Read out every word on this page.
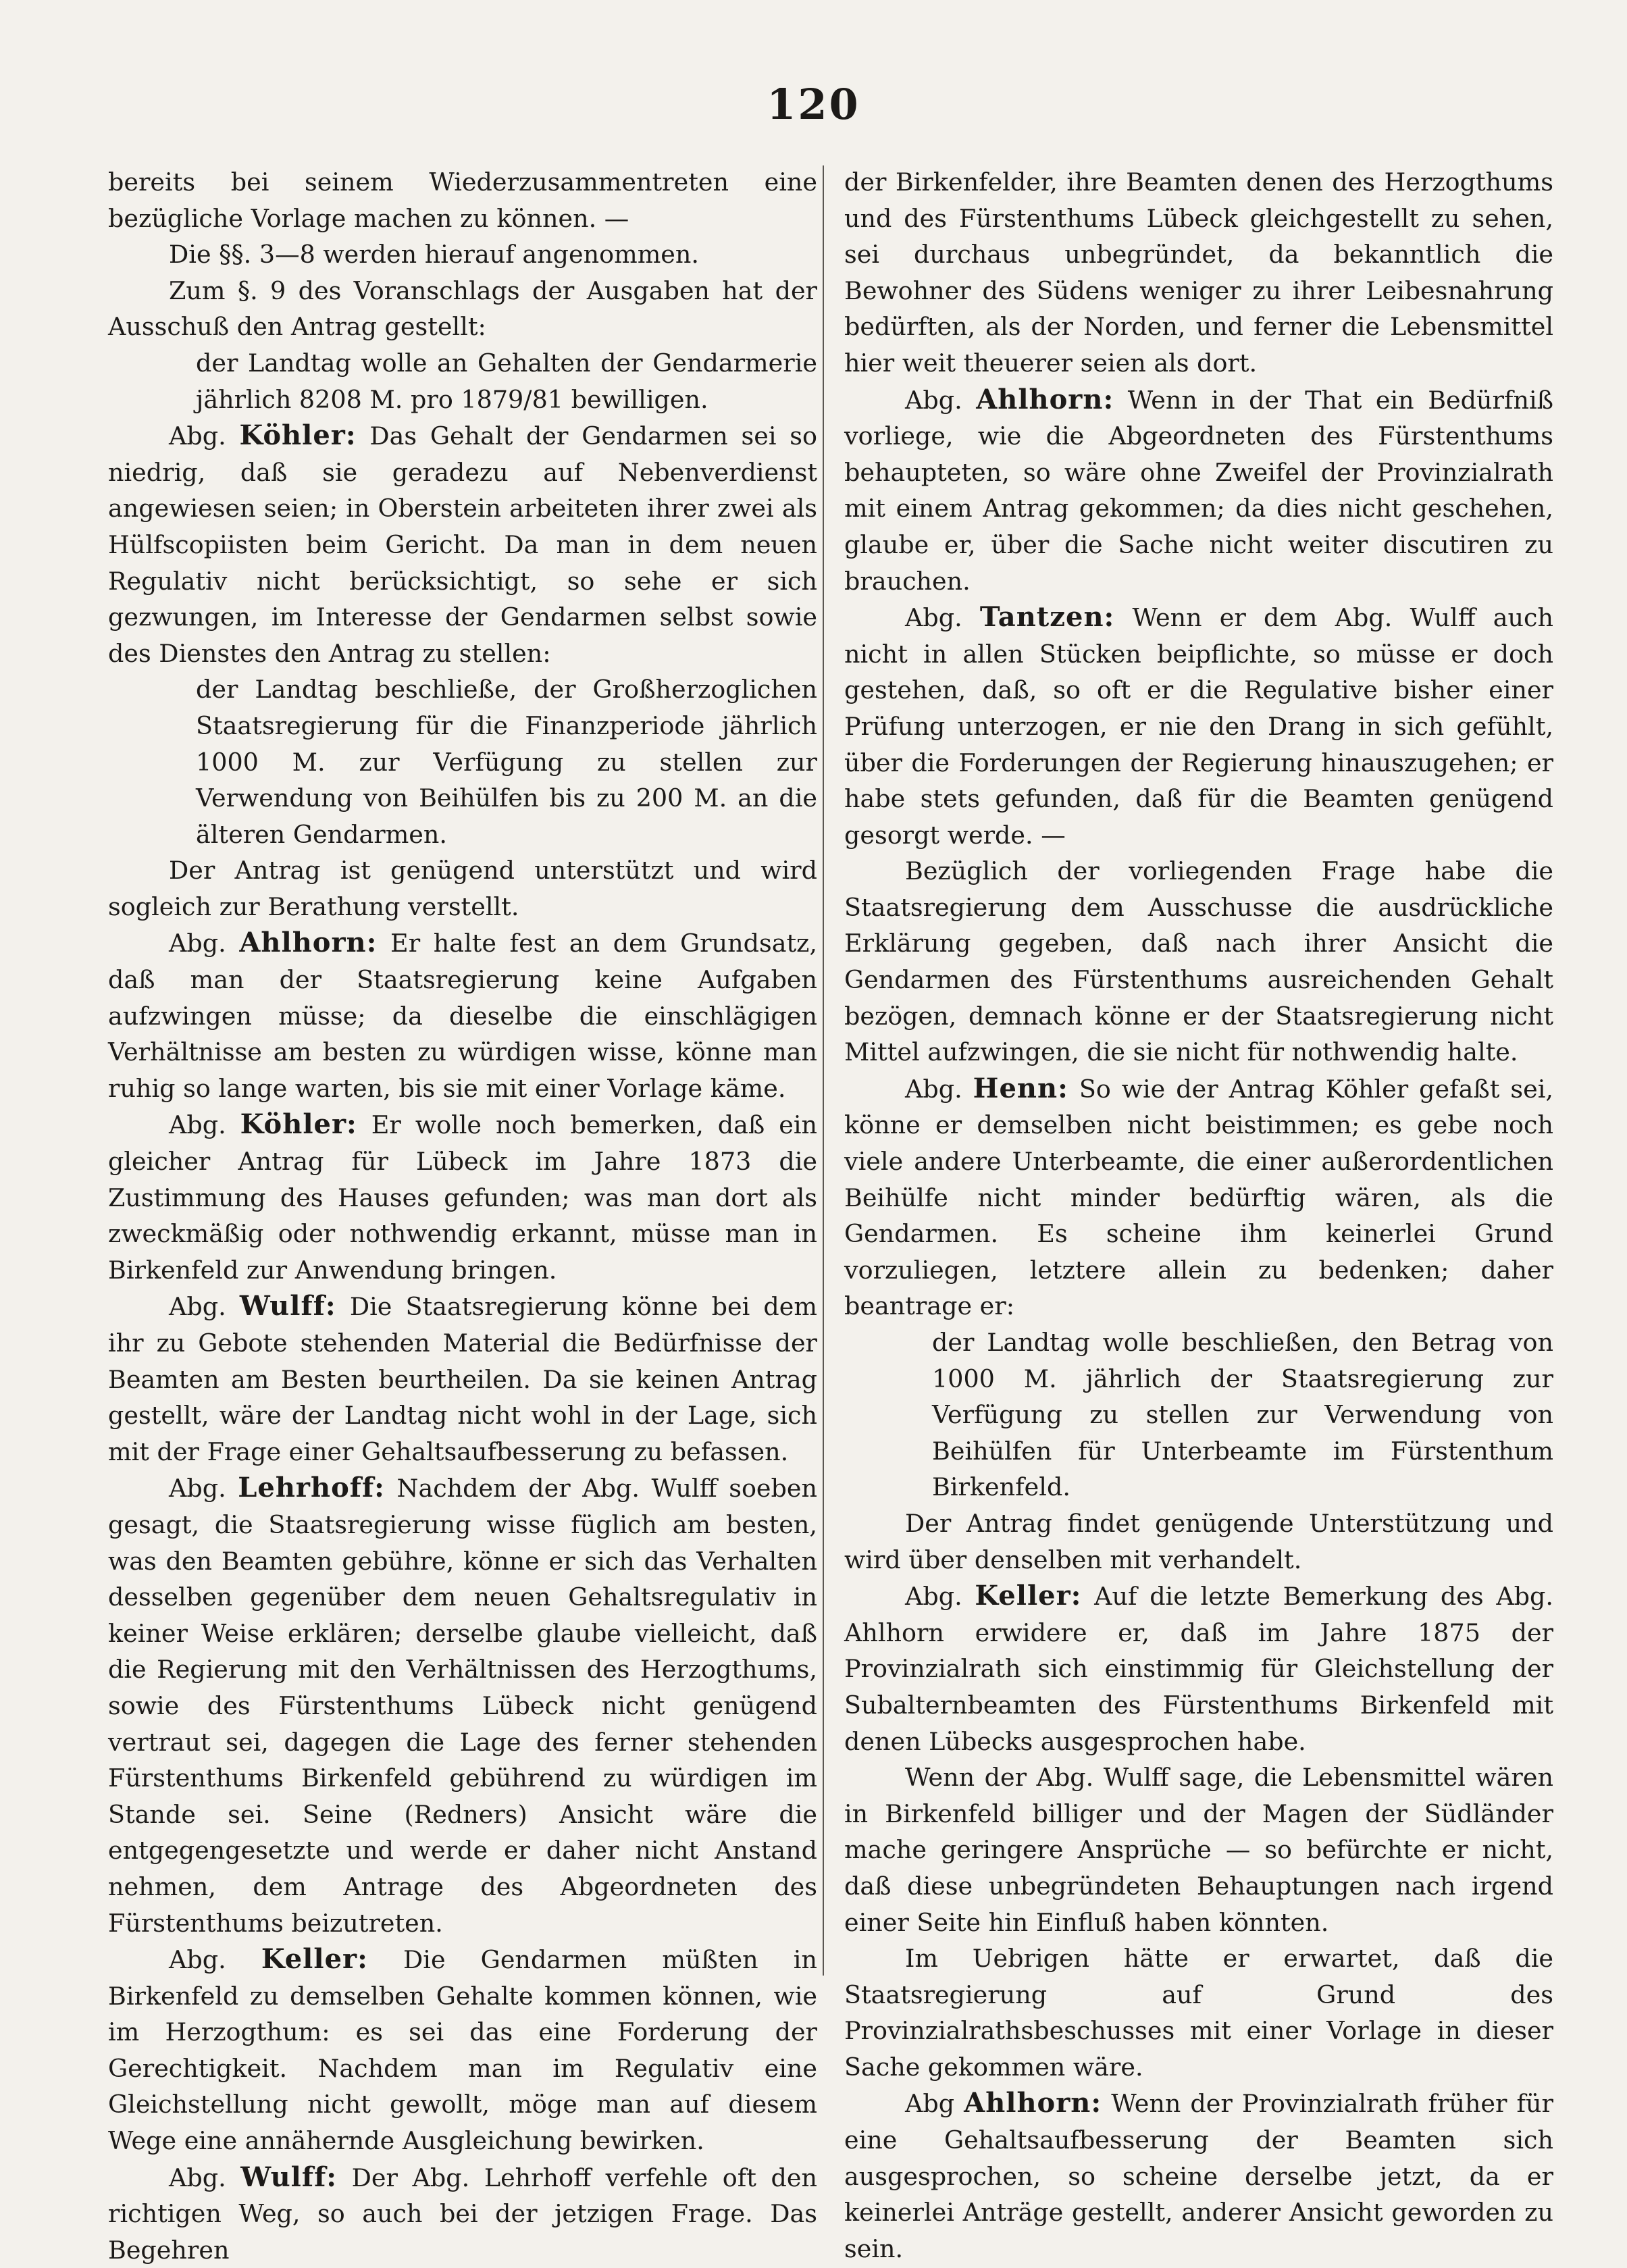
120

bereits bei seinem Wiederzusammentreten eine bezügliche Vorlage machen zu können. —

Die §§. 3—8 werden hierauf angenommen.

Zum §. 9 des Voranschlags der Ausgaben hat der Ausschuß den Antrag gestellt:

der Landtag wolle an Gehalten der Gendarmerie jährlich 8208 M. pro 1879/81 bewilligen.

Abg. Köhler: Das Gehalt der Gendarmen sei so niedrig, daß sie geradezu auf Nebenverdienst angewiesen seien; in Oberstein arbeiteten ihrer zwei als Hülfscopiisten beim Gericht. Da man in dem neuen Regulativ nicht berücksichtigt, so sehe er sich gezwungen, im Interesse der Gendarmen selbst sowie des Dienstes den Antrag zu stellen:

der Landtag beschließe, der Großherzoglichen Staatsregierung für die Finanzperiode jährlich 1000 M. zur Verfügung zu stellen zur Verwendung von Beihülfen bis zu 200 M. an die älteren Gendarmen.

Der Antrag ist genügend unterstützt und wird sogleich zur Berathung verstellt.

Abg. Ahlhorn: Er halte fest an dem Grundsatz, daß man der Staatsregierung keine Aufgaben aufzwingen müsse; da dieselbe die einschlägigen Verhältnisse am besten zu würdigen wisse, könne man ruhig so lange warten, bis sie mit einer Vorlage käme.

Abg. Köhler: Er wolle noch bemerken, daß ein gleicher Antrag für Lübeck im Jahre 1873 die Zustimmung des Hauses gefunden; was man dort als zweckmäßig oder nothwendig erkannt, müsse man in Birkenfeld zur Anwendung bringen.

Abg. Wulff: Die Staatsregierung könne bei dem ihr zu Gebote stehenden Material die Bedürfnisse der Beamten am Besten beurtheilen. Da sie keinen Antrag gestellt, wäre der Landtag nicht wohl in der Lage, sich mit der Frage einer Gehaltsaufbesserung zu befassen.

Abg. Lehrhoff: Nachdem der Abg. Wulff soeben gesagt, die Staatsregierung wisse füglich am besten, was den Beamten gebühre, könne er sich das Verhalten desselben gegenüber dem neuen Gehaltsregulativ in keiner Weise erklären; derselbe glaube vielleicht, daß die Regierung mit den Verhältnissen des Herzogthums, sowie des Fürstenthums Lübeck nicht genügend vertraut sei, dagegen die Lage des ferner stehenden Fürstenthums Birkenfeld gebührend zu würdigen im Stande sei. Seine (Redners) Ansicht wäre die entgegengesetzte und werde er daher nicht Anstand nehmen, dem Antrage des Abgeordneten des Fürstenthums beizutreten.

Abg. Keller: Die Gendarmen müßten in Birkenfeld zu demselben Gehalte kommen können, wie im Herzogthum: es sei das eine Forderung der Gerechtigkeit. Nachdem man im Regulativ eine Gleichstellung nicht gewollt, möge man auf diesem Wege eine annähernde Ausgleichung bewirken.

Abg. Wulff: Der Abg. Lehrhoff verfehle oft den richtigen Weg, so auch bei der jetzigen Frage. Das Begehren

der Birkenfelder, ihre Beamten denen des Herzogthums und des Fürstenthums Lübeck gleichgestellt zu sehen, sei durchaus unbegründet, da bekanntlich die Bewohner des Südens weniger zu ihrer Leibesnahrung bedürften, als der Norden, und ferner die Lebensmittel hier weit theuerer seien als dort.

Abg. Ahlhorn: Wenn in der That ein Bedürfniß vorliege, wie die Abgeordneten des Fürstenthums behaupteten, so wäre ohne Zweifel der Provinzialrath mit einem Antrag gekommen; da dies nicht geschehen, glaube er, über die Sache nicht weiter discutiren zu brauchen.

Abg. Tantzen: Wenn er dem Abg. Wulff auch nicht in allen Stücken beipflichte, so müsse er doch gestehen, daß, so oft er die Regulative bisher einer Prüfung unterzogen, er nie den Drang in sich gefühlt, über die Forderungen der Regierung hinauszugehen; er habe stets gefunden, daß für die Beamten genügend gesorgt werde. —

Bezüglich der vorliegenden Frage habe die Staatsregierung dem Ausschusse die ausdrückliche Erklärung gegeben, daß nach ihrer Ansicht die Gendarmen des Fürstenthums ausreichenden Gehalt bezögen, demnach könne er der Staatsregierung nicht Mittel aufzwingen, die sie nicht für nothwendig halte.

Abg. Henn: So wie der Antrag Köhler gefaßt sei, könne er demselben nicht beistimmen; es gebe noch viele andere Unterbeamte, die einer außerordentlichen Beihülfe nicht minder bedürftig wären, als die Gendarmen. Es scheine ihm keinerlei Grund vorzuliegen, letztere allein zu bedenken; daher beantrage er:

der Landtag wolle beschließen, den Betrag von 1000 M. jährlich der Staatsregierung zur Verfügung zu stellen zur Verwendung von Beihülfen für Unterbeamte im Fürstenthum Birkenfeld.

Der Antrag findet genügende Unterstützung und wird über denselben mit verhandelt.

Abg. Keller: Auf die letzte Bemerkung des Abg. Ahlhorn erwidere er, daß im Jahre 1875 der Provinzialrath sich einstimmig für Gleichstellung der Subalternbeamten des Fürstenthums Birkenfeld mit denen Lübecks ausgesprochen habe.

Wenn der Abg. Wulff sage, die Lebensmittel wären in Birkenfeld billiger und der Magen der Südländer mache geringere Ansprüche — so befürchte er nicht, daß diese unbegründeten Behauptungen nach irgend einer Seite hin Einfluß haben könnten.

Im Uebrigen hätte er erwartet, daß die Staatsregierung auf Grund des Provinzialrathsbeschusses mit einer Vorlage in dieser Sache gekommen wäre.

Abg Ahlhorn: Wenn der Provinzialrath früher für eine Gehaltsaufbesserung der Beamten sich ausgesprochen, so scheine derselbe jetzt, da er keinerlei Anträge gestellt, anderer Ansicht geworden zu sein.
